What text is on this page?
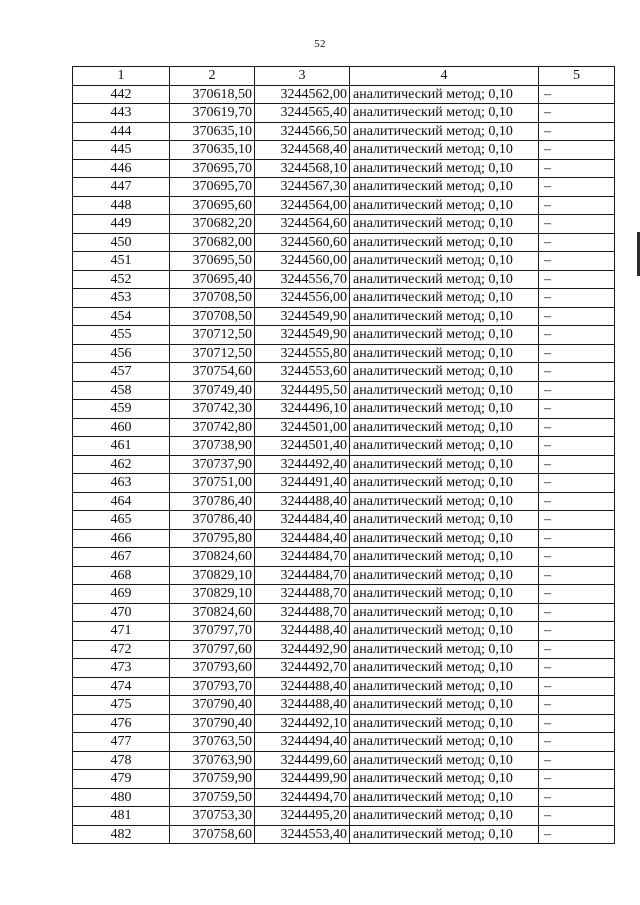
52
1	2	3	4	5
442	370618,50	3244562,00	аналитический метод; 0,10	–
443	370619,70	3244565,40	аналитический метод; 0,10	–
444	370635,10	3244566,50	аналитический метод; 0,10	–
445	370635,10	3244568,40	аналитический метод; 0,10	–
446	370695,70	3244568,10	аналитический метод; 0,10	–
447	370695,70	3244567,30	аналитический метод; 0,10	–
448	370695,60	3244564,00	аналитический метод; 0,10	–
449	370682,20	3244564,60	аналитический метод; 0,10	–
450	370682,00	3244560,60	аналитический метод; 0,10	–
451	370695,50	3244560,00	аналитический метод; 0,10	–
452	370695,40	3244556,70	аналитический метод; 0,10	–
453	370708,50	3244556,00	аналитический метод; 0,10	–
454	370708,50	3244549,90	аналитический метод; 0,10	–
455	370712,50	3244549,90	аналитический метод; 0,10	–
456	370712,50	3244555,80	аналитический метод; 0,10	–
457	370754,60	3244553,60	аналитический метод; 0,10	–
458	370749,40	3244495,50	аналитический метод; 0,10	–
459	370742,30	3244496,10	аналитический метод; 0,10	–
460	370742,80	3244501,00	аналитический метод; 0,10	–
461	370738,90	3244501,40	аналитический метод; 0,10	–
462	370737,90	3244492,40	аналитический метод; 0,10	–
463	370751,00	3244491,40	аналитический метод; 0,10	–
464	370786,40	3244488,40	аналитический метод; 0,10	–
465	370786,40	3244484,40	аналитический метод; 0,10	–
466	370795,80	3244484,40	аналитический метод; 0,10	–
467	370824,60	3244484,70	аналитический метод; 0,10	–
468	370829,10	3244484,70	аналитический метод; 0,10	–
469	370829,10	3244488,70	аналитический метод; 0,10	–
470	370824,60	3244488,70	аналитический метод; 0,10	–
471	370797,70	3244488,40	аналитический метод; 0,10	–
472	370797,60	3244492,90	аналитический метод; 0,10	–
473	370793,60	3244492,70	аналитический метод; 0,10	–
474	370793,70	3244488,40	аналитический метод; 0,10	–
475	370790,40	3244488,40	аналитический метод; 0,10	–
476	370790,40	3244492,10	аналитический метод; 0,10	–
477	370763,50	3244494,40	аналитический метод; 0,10	–
478	370763,90	3244499,60	аналитический метод; 0,10	–
479	370759,90	3244499,90	аналитический метод; 0,10	–
480	370759,50	3244494,70	аналитический метод; 0,10	–
481	370753,30	3244495,20	аналитический метод; 0,10	–
482	370758,60	3244553,40	аналитический метод; 0,10	–
